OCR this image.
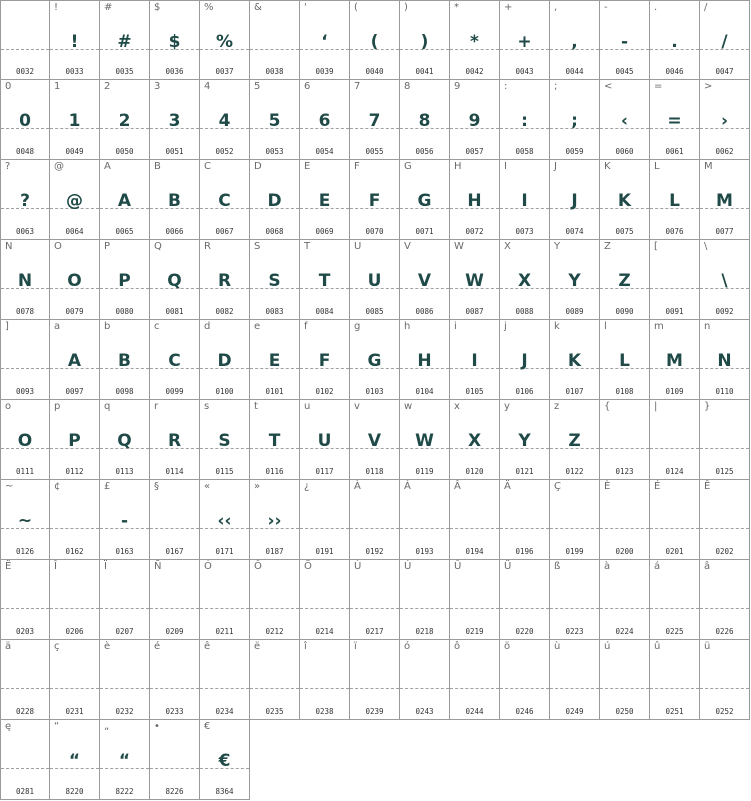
0032
!
!
0033
#
#
0035
$
$
0036
%
%
0037
&
0038
'
‘
0039
(
(
0040
)
)
0041
*
*
0042
+
+
0043
,
,
0044
-
-
0045
.
.
0046
/
/
0047
0
0
0048
1
1
0049
2
2
0050
3
3
0051
4
4
0052
5
5
0053
6
6
0054
7
7
0055
8
8
0056
9
9
0057
:
:
0058
;
;
0059
<
‹
0060
=
=
0061
>
›
0062
?
?
0063
@
@
0064
A
A
0065
B
B
0066
C
C
0067
D
D
0068
E
E
0069
F
F
0070
G
G
0071
H
H
0072
I
I
0073
J
J
0074
K
K
0075
L
L
0076
M
M
0077
N
N
0078
O
O
0079
P
P
0080
Q
Q
0081
R
R
0082
S
S
0083
T
T
0084
U
U
0085
V
V
0086
W
W
0087
X
X
0088
Y
Y
0089
Z
Z
0090
[
0091
\
\
0092
]
0093
a
A
0097
b
B
0098
c
C
0099
d
D
0100
e
E
0101
f
F
0102
g
G
0103
h
H
0104
i
I
0105
j
J
0106
k
K
0107
l
L
0108
m
M
0109
n
N
0110
o
O
0111
p
P
0112
q
Q
0113
r
R
0114
s
S
0115
t
T
0116
u
U
0117
v
V
0118
w
W
0119
x
X
0120
y
Y
0121
z
Z
0122
{
0123
|
0124
}
0125
~
~
0126
¢
0162
£
-
0163
§
0167
«
‹‹
0171
»
››
0187
¿
0191
À
0192
Á
0193
Â
0194
Ä
0196
Ç
0199
È
0200
É
0201
Ê
0202
Ë
0203
Î
0206
Ï
0207
Ñ
0209
Ó
0211
Ô
0212
Ö
0214
Ù
0217
Ú
0218
Û
0219
Ü
0220
ß
0223
à
0224
á
0225
â
0226
ä
0228
ç
0231
è
0232
é
0233
ê
0234
ë
0235
î
0238
ï
0239
ó
0243
ô
0244
ö
0246
ù
0249
ú
0250
û
0251
ü
0252
ę
0281
“
“
8220
„
“
8222
•
8226
€
€
8364
